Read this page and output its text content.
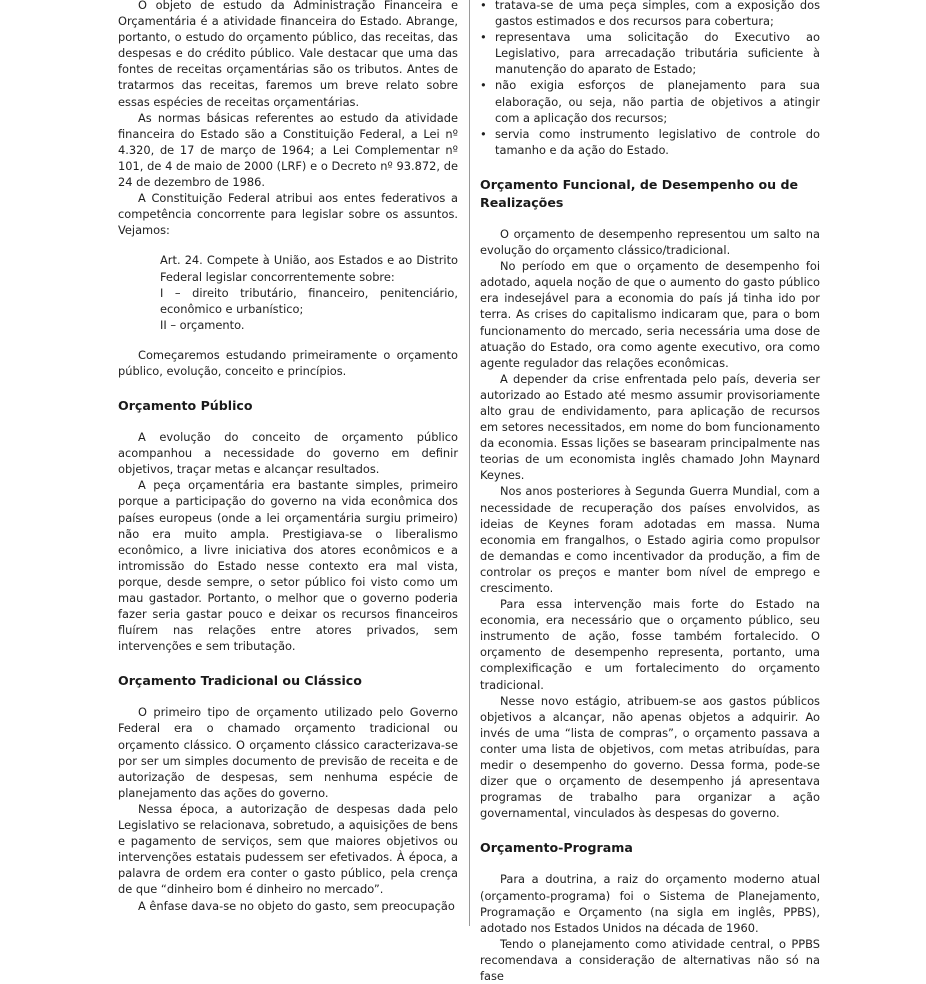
O objeto de estudo da Administração Financeira e Orçamentária é a atividade financeira do Estado. Abrange, portanto, o estudo do orçamento público, das receitas, das despesas e do crédito público. Vale destacar que uma das fontes de receitas orçamentárias são os tributos. Antes de tratarmos das receitas, faremos um breve relato sobre essas espécies de receitas orçamentárias.

As normas básicas referentes ao estudo da atividade financeira do Estado são a Constituição Federal, a Lei nº 4.320, de 17 de março de 1964; a Lei Complementar nº 101, de 4 de maio de 2000 (LRF) e o Decreto nº 93.872, de 24 de dezembro de 1986.

A Constituição Federal atribui aos entes federativos a competência concorrente para legislar sobre os assuntos. Vejamos:

Art. 24. Compete à União, aos Estados e ao Distrito Federal legislar concorrentemente sobre:

I – direito tributário, financeiro, penitenciário, econômico e urbanístico;

II – orçamento.

Começaremos estudando primeiramente o orçamento público, evolução, conceito e princípios.

Orçamento Público

A evolução do conceito de orçamento público acompanhou a necessidade do governo em definir objetivos, traçar metas e alcançar resultados.

A peça orçamentária era bastante simples, primeiro porque a participação do governo na vida econômica dos países europeus (onde a lei orçamentária surgiu primeiro) não era muito ampla. Prestigiava-se o liberalismo econômico, a livre iniciativa dos atores econômicos e a intromissão do Estado nesse contexto era mal vista, porque, desde sempre, o setor público foi visto como um mau gastador. Portanto, o melhor que o governo poderia fazer seria gastar pouco e deixar os recursos financeiros fluírem nas relações entre atores privados, sem intervenções e sem tributação.

Orçamento Tradicional ou Clássico

O primeiro tipo de orçamento utilizado pelo Governo Federal era o chamado orçamento tradicional ou orçamento clássico. O orçamento clássico caracterizava-se por ser um simples documento de previsão de receita e de autorização de despesas, sem nenhuma espécie de planejamento das ações do governo.

Nessa época, a autorização de despesas dada pelo Legislativo se relacionava, sobretudo, a aquisições de bens e pagamento de serviços, sem que maiores objetivos ou intervenções estatais pudessem ser efetivados. À época, a palavra de ordem era conter o gasto público, pela crença de que “dinheiro bom é dinheiro no mercado”.

A ênfase dava-se no objeto do gasto, sem preocupação

• tratava-se de uma peça simples, com a exposição dos gastos estimados e dos recursos para cobertura;
• representava uma solicitação do Executivo ao Legislativo, para arrecadação tributária suficiente à manutenção do aparato de Estado;
• não exigia esforços de planejamento para sua elaboração, ou seja, não partia de objetivos a atingir com a aplicação dos recursos;
• servia como instrumento legislativo de controle do tamanho e da ação do Estado.
Orçamento Funcional, de Desempenho ou de Realizações

O orçamento de desempenho representou um salto na evolução do orçamento clássico/tradicional.

No período em que o orçamento de desempenho foi adotado, aquela noção de que o aumento do gasto público era indesejável para a economia do país já tinha ido por terra. As crises do capitalismo indicaram que, para o bom funcionamento do mercado, seria necessária uma dose de atuação do Estado, ora como agente executivo, ora como agente regulador das relações econômicas.

A depender da crise enfrentada pelo país, deveria ser autorizado ao Estado até mesmo assumir provisoriamente alto grau de endividamento, para aplicação de recursos em setores necessitados, em nome do bom funcionamento da economia. Essas lições se basearam principalmente nas teorias de um economista inglês chamado John Maynard Keynes.

Nos anos posteriores à Segunda Guerra Mundial, com a necessidade de recuperação dos países envolvidos, as ideias de Keynes foram adotadas em massa. Numa economia em frangalhos, o Estado agiria como propulsor de demandas e como incentivador da produção, a fim de controlar os preços e manter bom nível de emprego e crescimento.

Para essa intervenção mais forte do Estado na economia, era necessário que o orçamento público, seu instrumento de ação, fosse também fortalecido. O orçamento de desempenho representa, portanto, uma complexificação e um fortalecimento do orçamento tradicional.

Nesse novo estágio, atribuem-se aos gastos públicos objetivos a alcançar, não apenas objetos a adquirir. Ao invés de uma “lista de compras”, o orçamento passava a conter uma lista de objetivos, com metas atribuídas, para medir o desempenho do governo. Dessa forma, pode-se dizer que o orçamento de desempenho já apresentava programas de trabalho para organizar a ação governamental, vinculados às despesas do governo.

Orçamento-Programa

Para a doutrina, a raiz do orçamento moderno atual (orçamento-programa) foi o Sistema de Planejamento, Programação e Orçamento (na sigla em inglês, PPBS), adotado nos Estados Unidos na década de 1960.

Tendo o planejamento como atividade central, o PPBS recomendava a consideração de alternativas não só na fase
